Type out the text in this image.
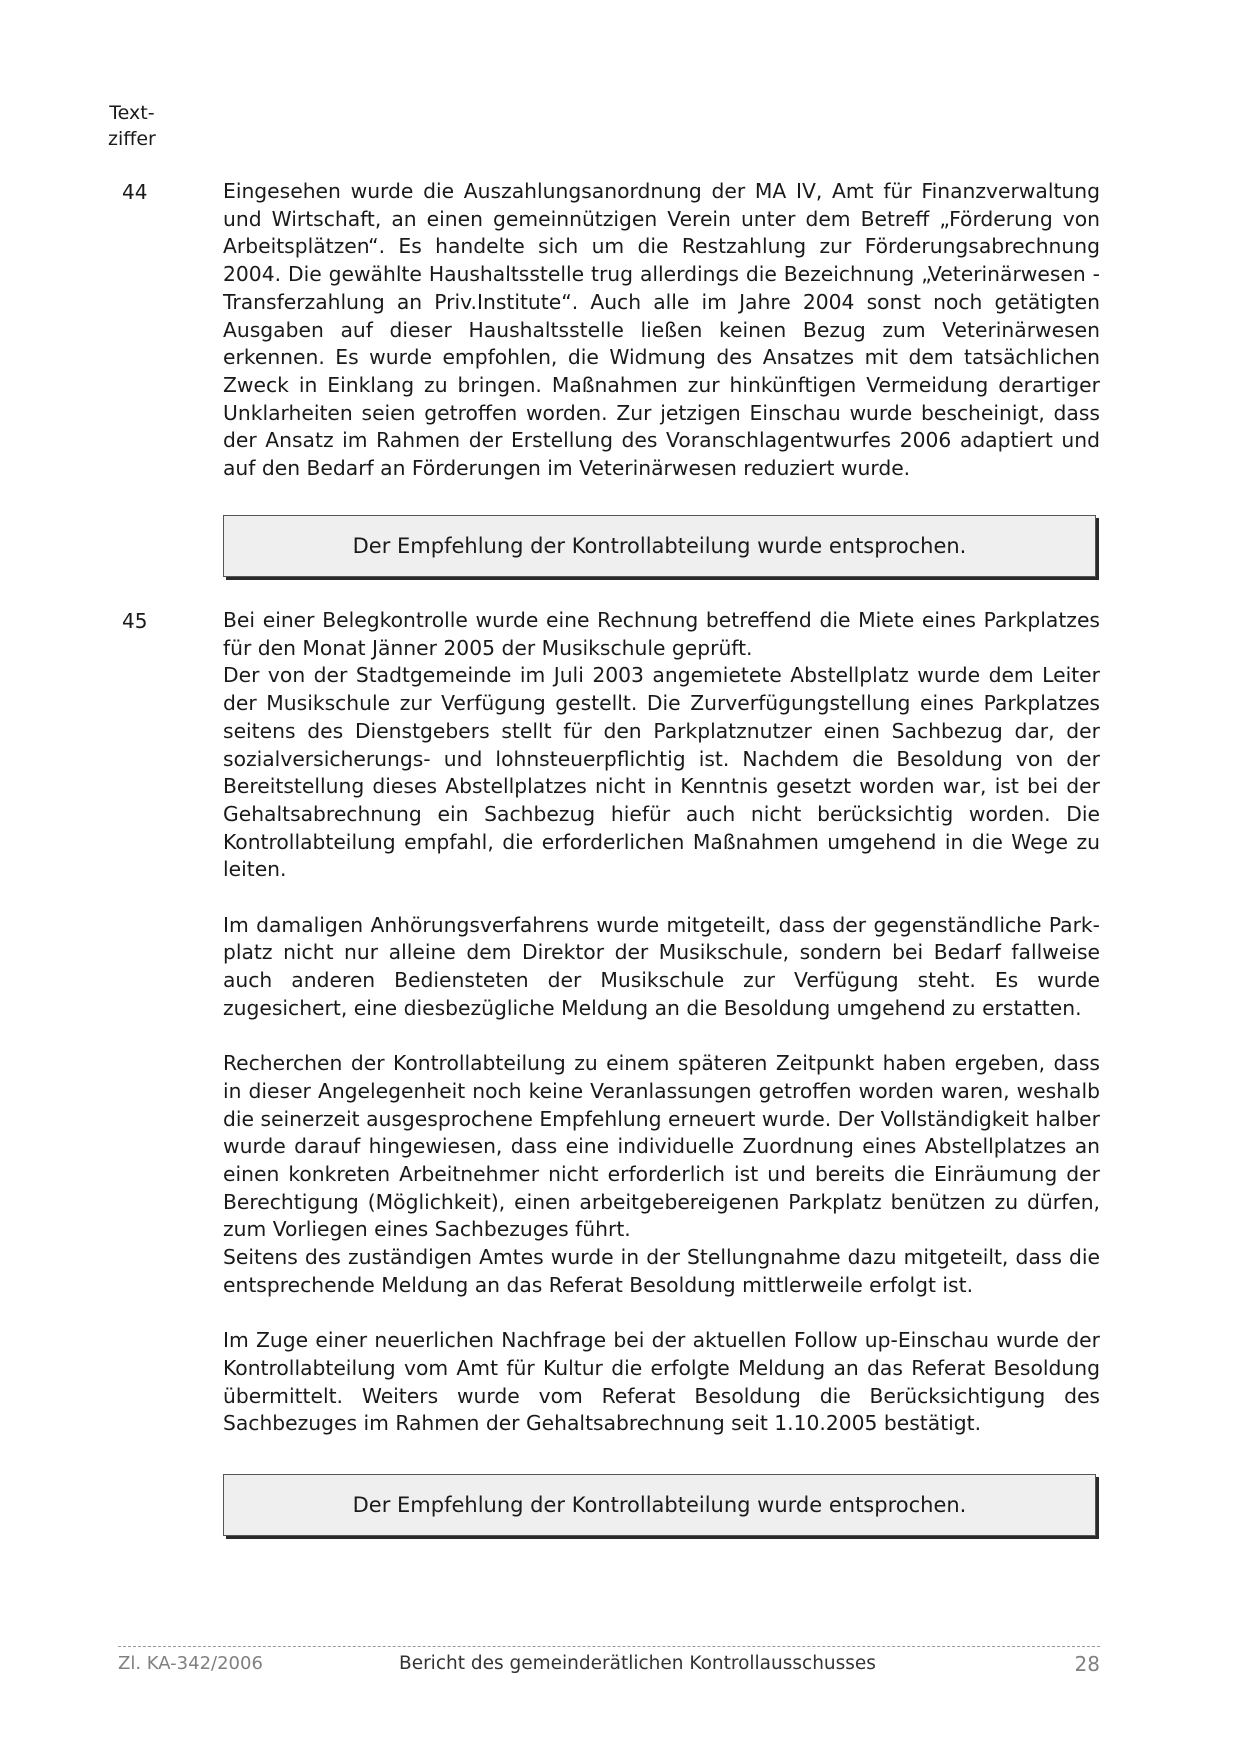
Text-
ziffer
44	Eingesehen wurde die Auszahlungsanordnung der MA IV, Amt für Finanzverwaltung und Wirtschaft, an einen gemeinnützigen Verein unter dem Betreff „Förderung von Arbeitsplätzen“. Es handelte sich um die Restzahlung zur Förderungsabrechnung 2004. Die gewählte Haushaltsstelle trug allerdings die Bezeichnung „Veterinärwesen - Transferzahlung an Priv.Institute“. Auch alle im Jahre 2004 sonst noch getätigten Ausgaben auf dieser Haushaltsstelle ließen keinen Bezug zum Veterinärwesen erkennen. Es wurde empfohlen, die Widmung des Ansatzes mit dem tatsächlichen Zweck in Einklang zu bringen. Maßnahmen zur hinkünftigen Vermeidung derartiger Unklarheiten seien getroffen worden. Zur jetzigen Einschau wurde bescheinigt, dass der Ansatz im Rahmen der Erstellung des Voranschlagentwurfes 2006 adaptiert und auf den Bedarf an Förderungen im Veterinärwesen reduziert wurde.

Der Empfehlung der Kontrollabteilung wurde entsprochen.
45	Bei einer Belegkontrolle wurde eine Rechnung betreffend die Miete eines Parkplatzes für den Monat Jänner 2005 der Musikschule geprüft.

Der von der Stadtgemeinde im Juli 2003 angemietete Abstellplatz wurde dem Leiter der Musikschule zur Verfügung gestellt. Die Zurverfügungstellung eines Parkplatzes seitens des Dienstgebers stellt für den Parkplatznutzer einen Sachbezug dar, der sozialversicherungs- und lohnsteuerpflichtig ist. Nachdem die Besoldung von der Bereitstellung dieses Abstellplatzes nicht in Kenntnis gesetzt worden war, ist bei der Gehaltsabrechnung ein Sachbezug hiefür auch nicht berücksichtig worden. Die Kontrollabteilung empfahl, die erforderlichen Maßnahmen umgehend in die Wege zu leiten.

Im damaligen Anhörungsverfahrens wurde mitgeteilt, dass der gegenständliche Park-platz nicht nur alleine dem Direktor der Musikschule, sondern bei Bedarf fallweise auch anderen Bediensteten der Musikschule zur Verfügung steht. Es wurde zugesichert, eine diesbezügliche Meldung an die Besoldung umgehend zu erstatten.

Recherchen der Kontrollabteilung zu einem späteren Zeitpunkt haben ergeben, dass in dieser Angelegenheit noch keine Veranlassungen getroffen worden waren, weshalb die seinerzeit ausgesprochene Empfehlung erneuert wurde. Der Vollständigkeit halber wurde darauf hingewiesen, dass eine individuelle Zuordnung eines Abstellplatzes an einen konkreten Arbeitnehmer nicht erforderlich ist und bereits die Einräumung der Berechtigung (Möglichkeit), einen arbeitgebereigenen Parkplatz benützen zu dürfen, zum Vorliegen eines Sachbezuges führt.

Seitens des zuständigen Amtes wurde in der Stellungnahme dazu mitgeteilt, dass die entsprechende Meldung an das Referat Besoldung mittlerweile erfolgt ist.

Im Zuge einer neuerlichen Nachfrage bei der aktuellen Follow up-Einschau wurde der Kontrollabteilung vom Amt für Kultur die erfolgte Meldung an das Referat Besoldung übermittelt. Weiters wurde vom Referat Besoldung die Berücksichtigung des Sachbezuges im Rahmen der Gehaltsabrechnung seit 1.10.2005 bestätigt.

Der Empfehlung der Kontrollabteilung wurde entsprochen.
Zl. KA-342/2006	Bericht des gemeinderätlichen Kontrollausschusses	28
